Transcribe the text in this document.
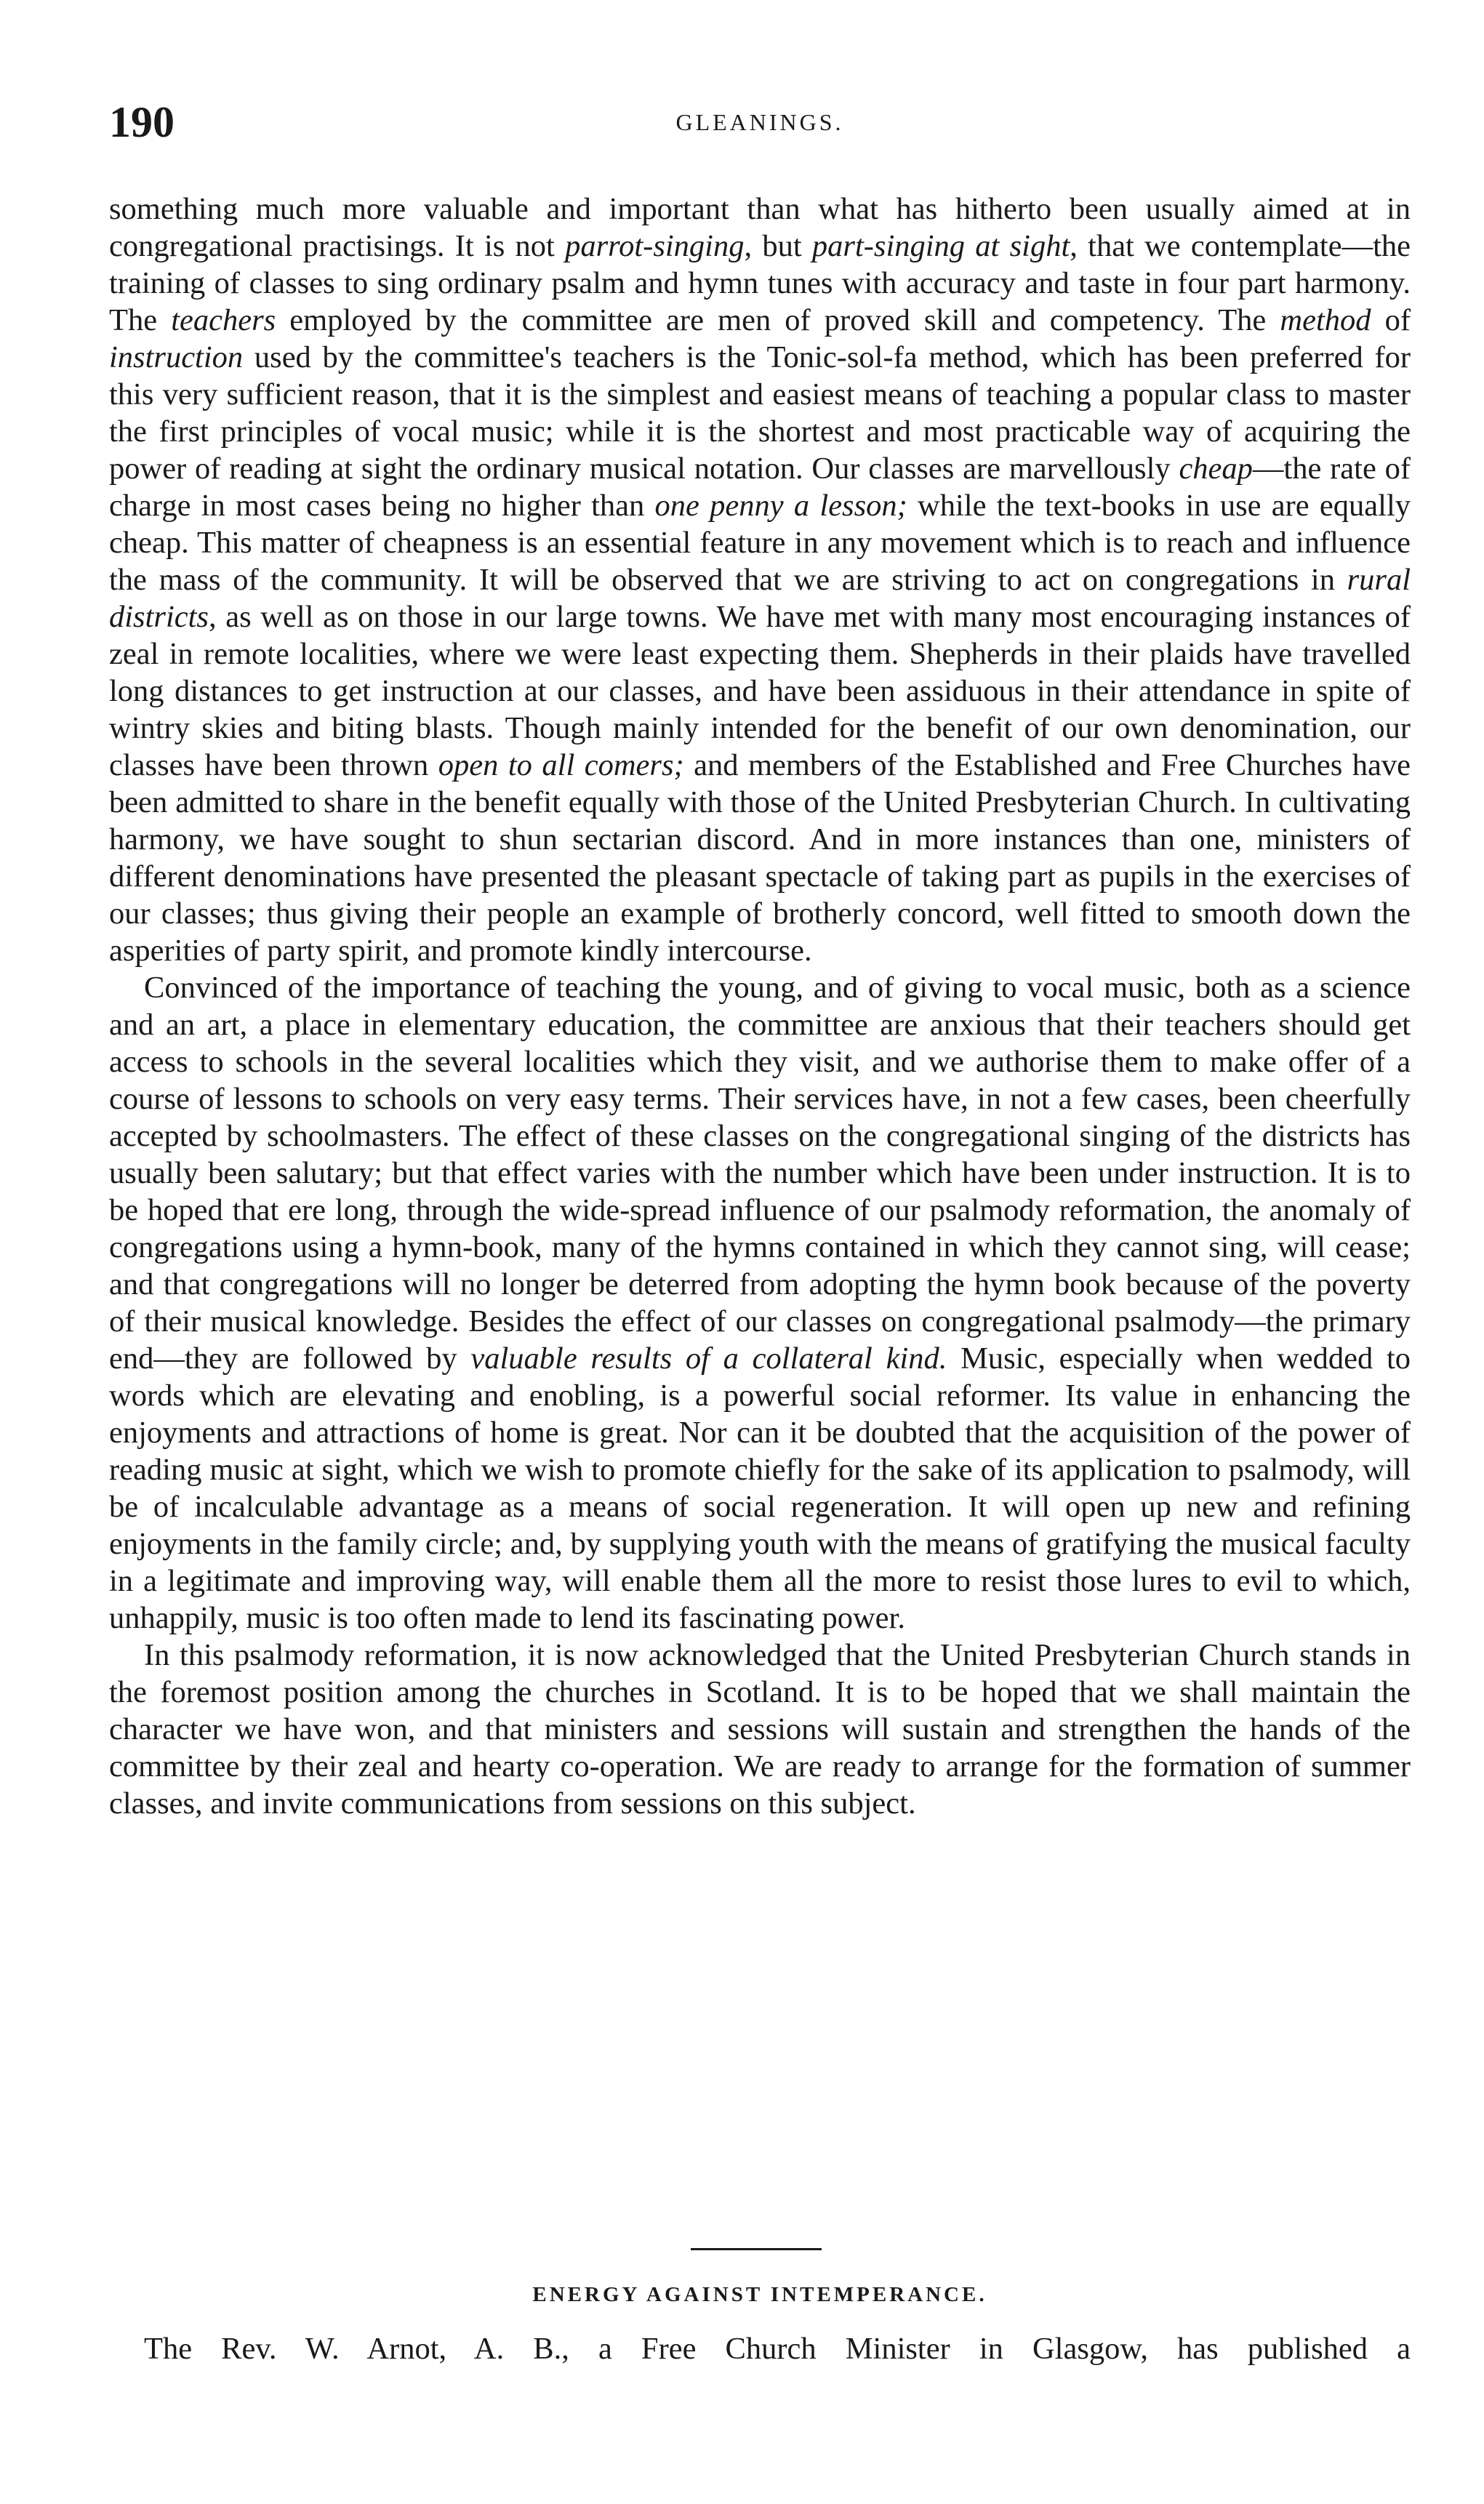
190	GLEANINGS.

something much more valuable and important than what has hitherto been usually aimed at in congregational practisings. It is not parrot-singing, but part-singing at sight, that we contemplate—the training of classes to sing ordinary psalm and hymn tunes with accuracy and taste in four part harmony. The teachers employed by the committee are men of proved skill and competency. The method of instruction used by the committee's teachers is the Tonic-sol-fa method, which has been preferred for this very sufficient reason, that it is the simplest and easiest means of teaching a popular class to master the first principles of vocal music; while it is the shortest and most practicable way of acquiring the power of reading at sight the ordinary musical notation. Our classes are marvellously cheap—the rate of charge in most cases being no higher than one penny a lesson; while the text-books in use are equally cheap. This matter of cheapness is an essential feature in any movement which is to reach and influence the mass of the community. It will be observed that we are striving to act on congregations in rural districts, as well as on those in our large towns. We have met with many most encouraging instances of zeal in remote localities, where we were least expecting them. Shepherds in their plaids have travelled long distances to get instruction at our classes, and have been assiduous in their attendance in spite of wintry skies and biting blasts. Though mainly intended for the benefit of our own denomination, our classes have been thrown open to all comers; and members of the Established and Free Churches have been admitted to share in the benefit equally with those of the United Presbyterian Church. In cultivating harmony, we have sought to shun sectarian discord. And in more instances than one, ministers of different denominations have presented the pleasant spectacle of taking part as pupils in the exercises of our classes; thus giving their people an example of brotherly concord, well fitted to smooth down the asperities of party spirit, and promote kindly intercourse.

Convinced of the importance of teaching the young, and of giving to vocal music, both as a science and an art, a place in elementary education, the committee are anxious that their teachers should get access to schools in the several localities which they visit, and we authorise them to make offer of a course of lessons to schools on very easy terms. Their services have, in not a few cases, been cheerfully accepted by schoolmasters. The effect of these classes on the congregational singing of the districts has usually been salutary; but that effect varies with the number which have been under instruction. It is to be hoped that ere long, through the wide-spread influence of our psalmody reformation, the anomaly of congregations using a hymn-book, many of the hymns contained in which they cannot sing, will cease; and that congregations will no longer be deterred from adopting the hymn book because of the poverty of their musical knowledge. Besides the effect of our classes on congregational psalmody—the primary end—they are followed by valuable results of a collateral kind. Music, especially when wedded to words which are elevating and enobling, is a powerful social reformer. Its value in enhancing the enjoyments and attractions of home is great. Nor can it be doubted that the acquisition of the power of reading music at sight, which we wish to promote chiefly for the sake of its application to psalmody, will be of incalculable advantage as a means of social regeneration. It will open up new and refining enjoyments in the family circle; and, by supplying youth with the means of gratifying the musical faculty in a legitimate and improving way, will enable them all the more to resist those lures to evil to which, unhappily, music is too often made to lend its fascinating power.

In this psalmody reformation, it is now acknowledged that the United Presbyterian Church stands in the foremost position among the churches in Scotland. It is to be hoped that we shall maintain the character we have won, and that ministers and sessions will sustain and strengthen the hands of the committee by their zeal and hearty co-operation. We are ready to arrange for the formation of summer classes, and invite communications from sessions on this subject.

ENERGY AGAINST INTEMPERANCE.
The Rev. W. Arnot, A. B., a Free Church Minister in Glasgow, has published a
